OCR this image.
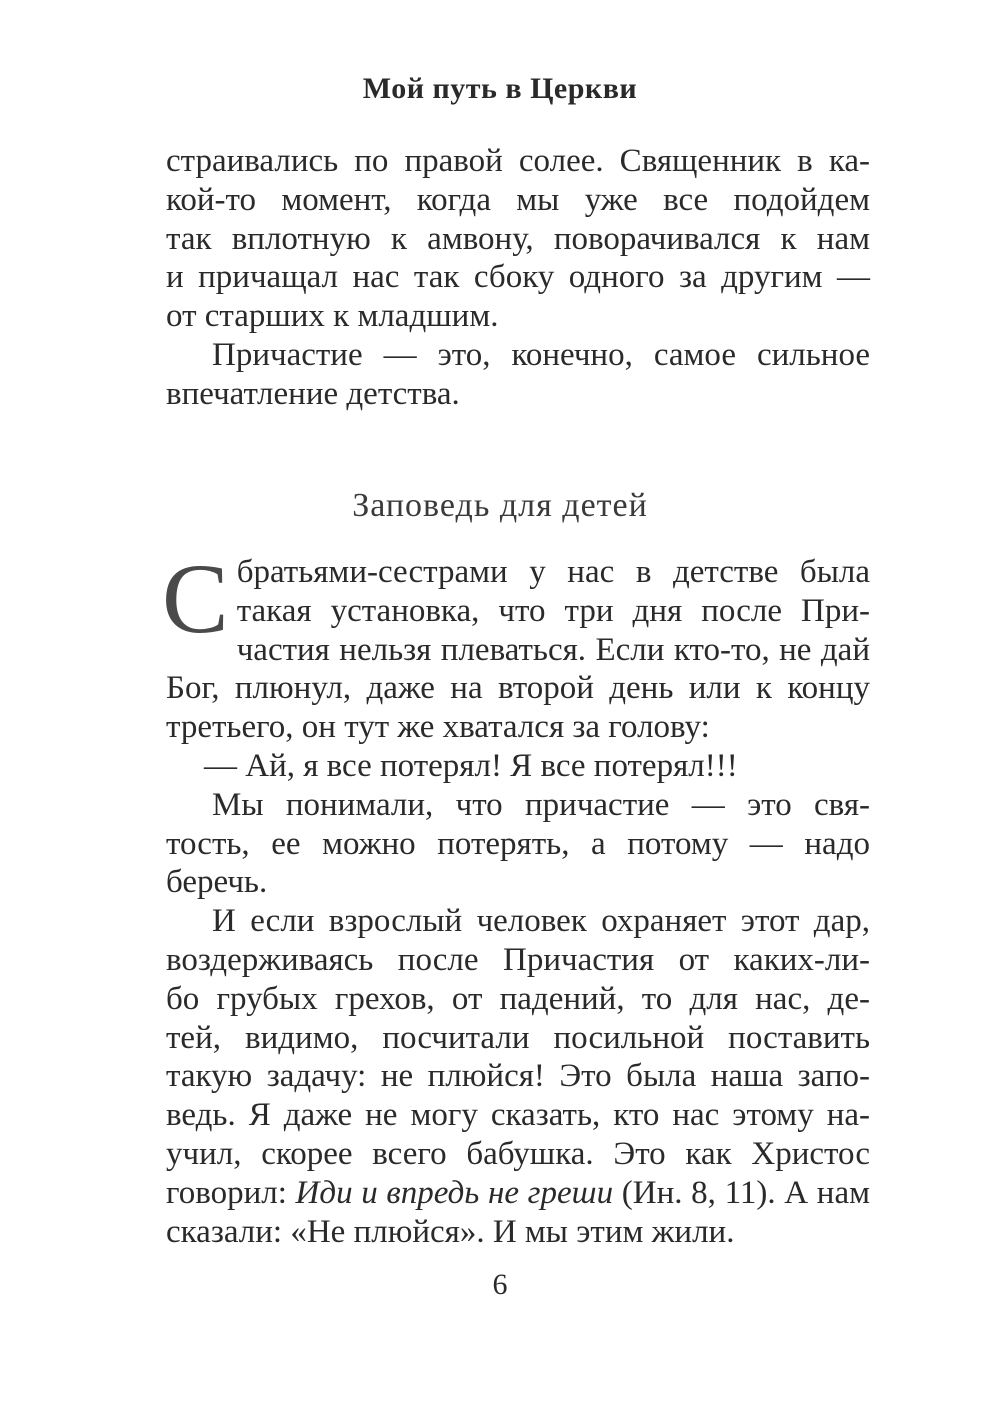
Мой путь в Церкви

страивались по правой солее. Священник в ка-
кой-то момент, когда мы уже все подойдем
так вплотную к амвону, поворачивался к нам
и причащал нас так сбоку одного за другим —
от старших к младшим.

Причастие — это, конечно, самое сильное
впечатление детства.

Заповедь для детей

С братьями-сестрами у нас в детстве была
такая установка, что три дня после При-
частия нельзя плеваться. Если кто-то, не дай
Бог, плюнул, даже на второй день или к концу
третьего, он тут же хватался за голову:

— Ай, я все потерял! Я все потерял!!!

Мы понимали, что причастие — это свя-
тость, ее можно потерять, а потому — надо
беречь.

И если взрослый человек охраняет этот дар,
воздерживаясь после Причастия от каких-ли-
бо грубых грехов, от падений, то для нас, де-
тей, видимо, посчитали посильной поставить
такую задачу: не плюйся! Это была наша запо-
ведь. Я даже не могу сказать, кто нас этому на-
учил, скорее всего бабушка. Это как Христос
говорил: Иди и впредь не греши (Ин. 8, 11). А нам
сказали: «Не плюйся». И мы этим жили.

6
